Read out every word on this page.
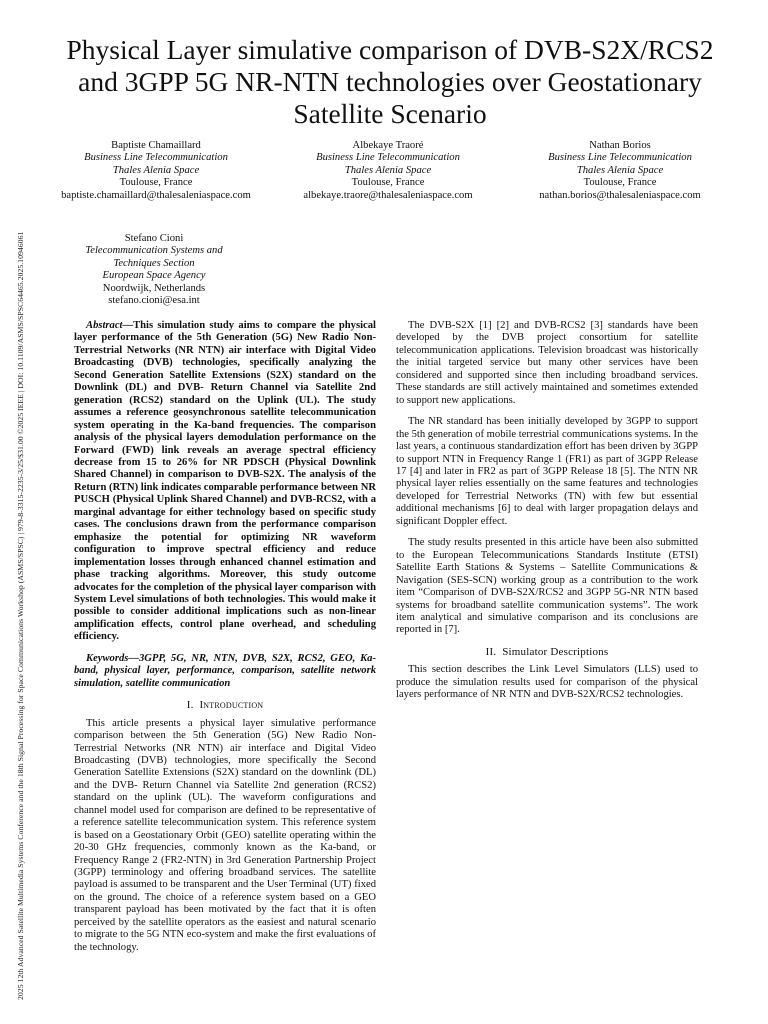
2025 12th Advanced Satellite Multimedia Systems Conference and the 18th Signal Processing for Space Communications Workshop (ASMS/SPSC) | 979-8-3315-2235-3/25/$31.00 ©2025 IEEE | DOI: 10.1109/ASMS/SPSC64465.2025.10946061
Physical Layer simulative comparison of DVB-S2X/RCS2 and 3GPP 5G NR-NTN technologies over Geostationary Satellite Scenario
Baptiste Chamaillard
Business Line Telecommunication
Thales Alenia Space
Toulouse, France
baptiste.chamaillard@thalesaleniaspace.com
Albekaye Traoré
Business Line Telecommunication
Thales Alenia Space
Toulouse, France
albekaye.traore@thalesaleniaspace.com
Nathan Borios
Business Line Telecommunication
Thales Alenia Space
Toulouse, France
nathan.borios@thalesaleniaspace.com
Stefano Cioni
Telecommunication Systems and Techniques Section
European Space Agency
Noordwijk, Netherlands
stefano.cioni@esa.int

Abstract—This simulation study aims to compare the physical layer performance of the 5th Generation (5G) New Radio Non-Terrestrial Networks (NR NTN) air interface with Digital Video Broadcasting (DVB) technologies, specifically analyzing the Second Generation Satellite Extensions (S2X) standard on the Downlink (DL) and DVB- Return Channel via Satellite 2nd generation (RCS2) standard on the Uplink (UL). The study assumes a reference geosynchronous satellite telecommunication system operating in the Ka-band frequencies. The comparison analysis of the physical layers demodulation performance on the Forward (FWD) link reveals an average spectral efficiency decrease from 15 to 26% for NR PDSCH (Physical Downlink Shared Channel) in comparison to DVB-S2X. The analysis of the Return (RTN) link indicates comparable performance between NR PUSCH (Physical Uplink Shared Channel) and DVB-RCS2, with a marginal advantage for either technology based on specific study cases. The conclusions drawn from the performance comparison emphasize the potential for optimizing NR waveform configuration to improve spectral efficiency and reduce implementation losses through enhanced channel estimation and phase tracking algorithms. Moreover, this study outcome advocates for the completion of the physical layer comparison with System Level simulations of both technologies. This would make it possible to consider additional implications such as non-linear amplification effects, control plane overhead, and scheduling efficiency.

Keywords—3GPP, 5G, NR, NTN, DVB, S2X, RCS2, GEO, Ka-band, physical layer, performance, comparison, satellite network simulation, satellite communication

I. Introduction

This article presents a physical layer simulative performance comparison between the 5th Generation (5G) New Radio Non-Terrestrial Networks (NR NTN) air interface and Digital Video Broadcasting (DVB) technologies, more specifically the Second Generation Satellite Extensions (S2X) standard on the downlink (DL) and the DVB- Return Channel via Satellite 2nd generation (RCS2) standard on the uplink (UL). The waveform configurations and channel model used for comparison are defined to be representative of a reference satellite telecommunication system. This reference system is based on a Geostationary Orbit (GEO) satellite operating within the 20-30 GHz frequencies, commonly known as the Ka-band, or Frequency Range 2 (FR2-NTN) in 3rd Generation Partnership Project (3GPP) terminology and offering broadband services. The satellite payload is assumed to be transparent and the User Terminal (UT) fixed on the ground. The choice of a reference system based on a GEO transparent payload has been motivated by the fact that it is often perceived by the satellite operators as the easiest and natural scenario to migrate to the 5G NTN eco-system and make the first evaluations of the technology.

The DVB-S2X [1] [2] and DVB-RCS2 [3] standards have been developed by the DVB project consortium for satellite telecommunication applications. Television broadcast was historically the initial targeted service but many other services have been considered and supported since then including broadband services. These standards are still actively maintained and sometimes extended to support new applications.

The NR standard has been initially developed by 3GPP to support the 5th generation of mobile terrestrial communications systems. In the last years, a continuous standardization effort has been driven by 3GPP to support NTN in Frequency Range 1 (FR1) as part of 3GPP Release 17 [4] and later in FR2 as part of 3GPP Release 18 [5]. The NTN NR physical layer relies essentially on the same features and technologies developed for Terrestrial Networks (TN) with few but essential additional mechanisms [6] to deal with larger propagation delays and significant Doppler effect.

The study results presented in this article have been also submitted to the European Telecommunications Standards Institute (ETSI) Satellite Earth Stations & Systems – Satellite Communications & Navigation (SES-SCN) working group as a contribution to the work item “Comparison of DVB-S2X/RCS2 and 3GPP 5G-NR NTN based systems for broadband satellite communication systems”. The work item analytical and simulative comparison and its conclusions are reported in [7].

II. Simulator Descriptions

This section describes the Link Level Simulators (LLS) used to produce the simulation results used for comparison of the physical layers performance of NR NTN and DVB-S2X/RCS2 technologies.
